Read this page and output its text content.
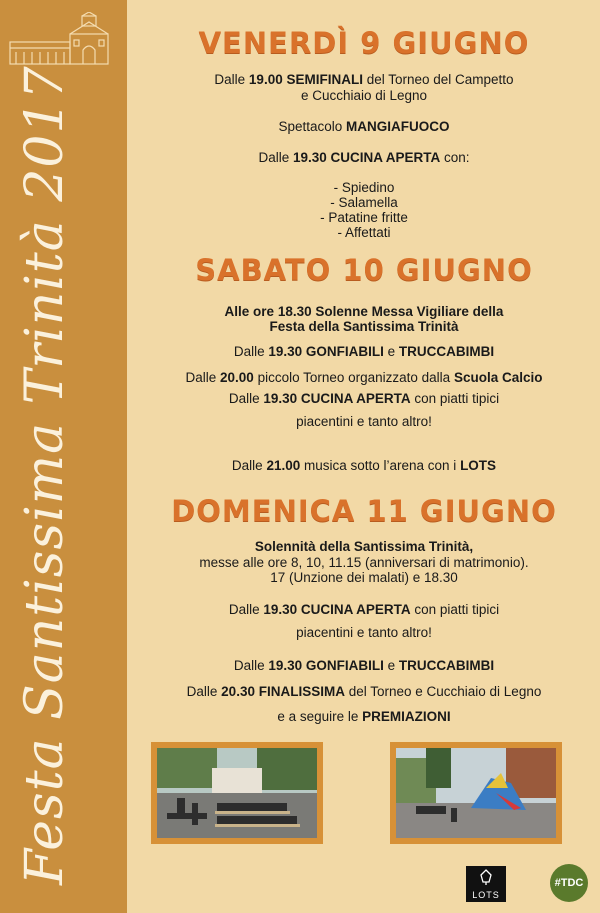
Festa Santissima Trinità 2017
VENERDÌ 9 GIUGNO
Dalle 19.00 SEMIFINALI del Torneo del Campetto
e Cucchiaio di Legno
Spettacolo MANGIAFUOCO
Dalle 19.30 CUCINA APERTA con:
- Spiedino
- Salamella
- Patatine fritte
- Affettati
SABATO 10 GIUGNO
Alle ore 18.30 Solenne Messa Vigiliare della
Festa della Santissima Trinità
Dalle 19.30 GONFIABILI e TRUCCABIMBI
Dalle 20.00 piccolo Torneo organizzato dalla Scuola Calcio
Dalle 19.30 CUCINA APERTA con piatti tipici
piacentini e tanto altro!
Dalle 21.00 musica sotto l’arena con i LOTS
DOMENICA 11 GIUGNO
Solennità della Santissima Trinità,
messe alle ore 8, 10, 11.15 (anniversari di matrimonio).
17 (Unzione dei malati) e 18.30
Dalle 19.30 CUCINA APERTA con piatti tipici
piacentini e tanto altro!
Dalle 19.30 GONFIABILI e TRUCCABIMBI
Dalle 20.30 FINALISSIMA del Torneo e Cucchiaio di Legno
e a seguire le PREMIAZIONI
LOTS
#TDC
